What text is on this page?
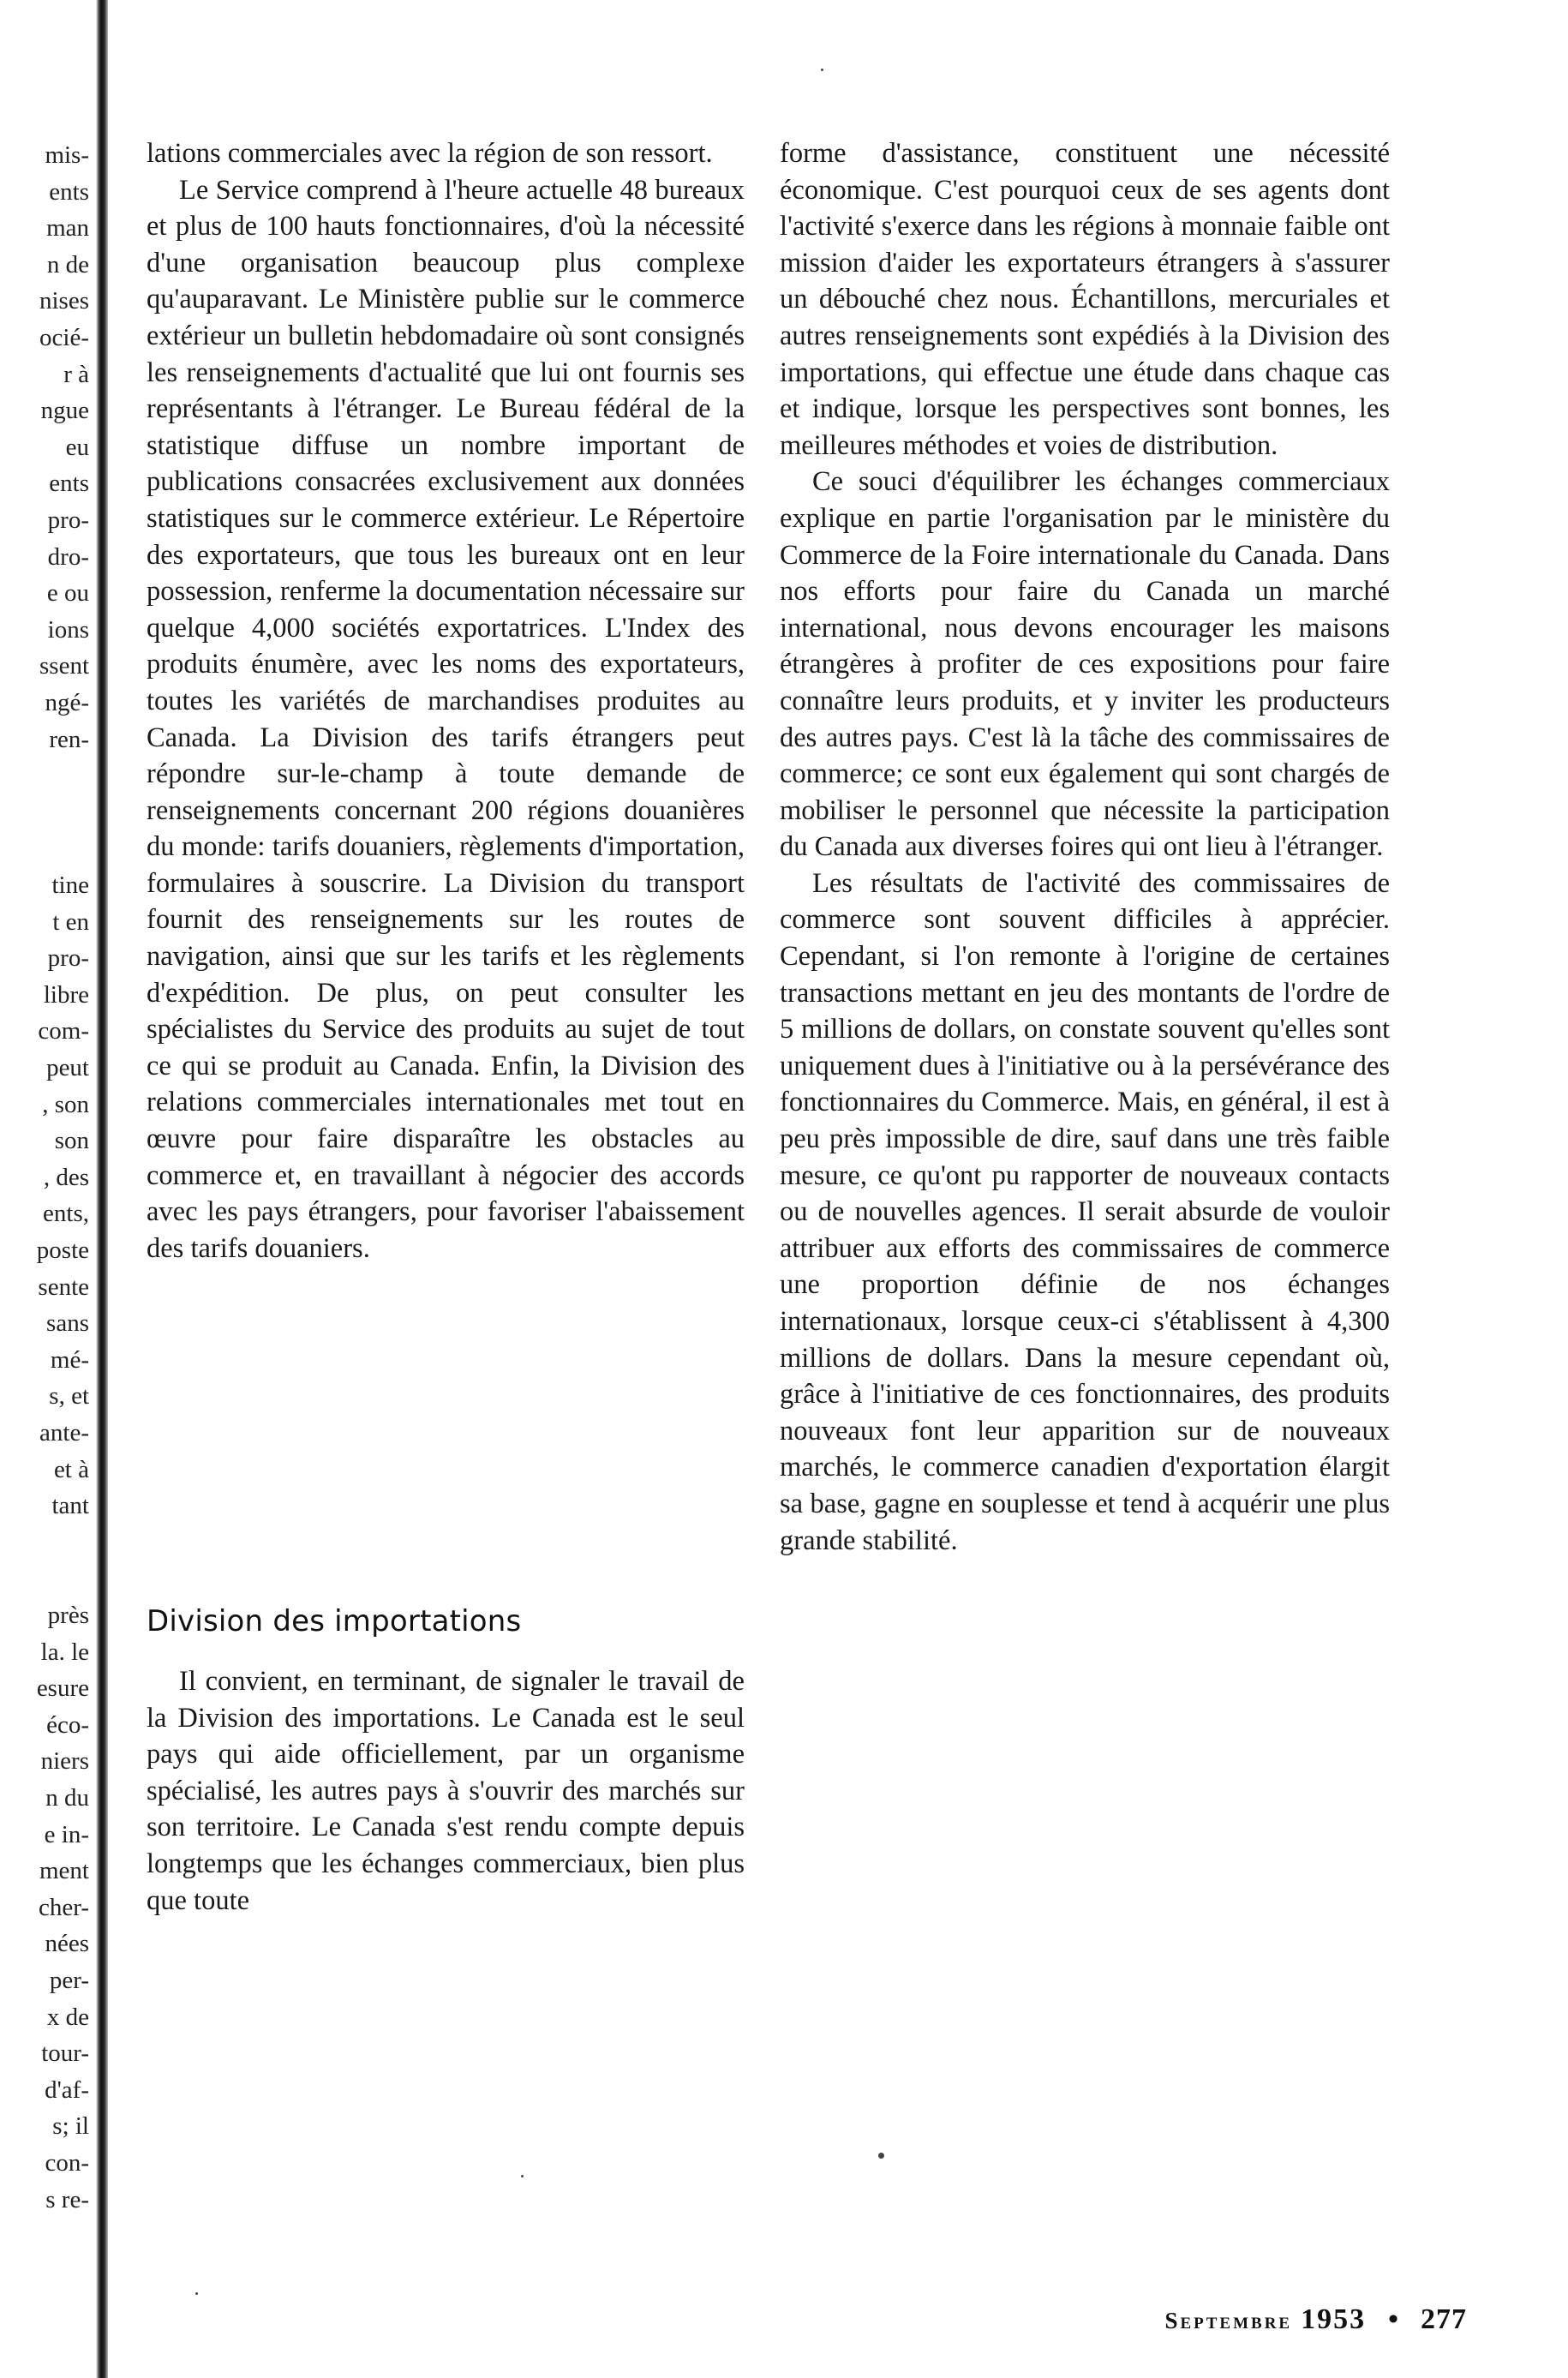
mis-
ents
man
n de
nises
ocié-
r à
ngue
eu
ents
pro-
dro-
e ou
ions
ssent
ngé-
ren-
tine
t en
pro-
libre
com-
peut
, son
son
, des
ents,
poste
sente
sans
mé-
s, et
ante-
et à
tant
près
la. le
esure
éco-
niers
n du
e in-
ment
cher-
nées
per-
x de
tour-
d'af-
s; il
con-
s re-

lations commerciales avec la région de son ressort.

Le Service comprend à l'heure actuelle 48 bureaux et plus de 100 hauts fonctionnaires, d'où la nécessité d'une organisation beaucoup plus complexe qu'auparavant. Le Ministère publie sur le commerce extérieur un bulletin hebdomadaire où sont consignés les renseignements d'actualité que lui ont fournis ses représentants à l'étranger. Le Bureau fédéral de la statistique diffuse un nombre important de publications consacrées exclusivement aux données statistiques sur le commerce extérieur. Le Répertoire des exportateurs, que tous les bureaux ont en leur possession, renferme la documentation nécessaire sur quelque 4,000 sociétés exportatrices. L'Index des produits énumère, avec les noms des exportateurs, toutes les variétés de marchandises produites au Canada. La Division des tarifs étrangers peut répondre sur-le-champ à toute demande de renseignements concernant 200 régions douanières du monde: tarifs douaniers, règlements d'importation, formulaires à souscrire. La Division du transport fournit des renseignements sur les routes de navigation, ainsi que sur les tarifs et les règlements d'expédition. De plus, on peut consulter les spécialistes du Service des produits au sujet de tout ce qui se produit au Canada. Enfin, la Division des relations commerciales internationales met tout en œuvre pour faire disparaître les obstacles au commerce et, en travaillant à négocier des accords avec les pays étrangers, pour favoriser l'abaissement des tarifs douaniers.

Division des importations

Il convient, en terminant, de signaler le travail de la Division des importations. Le Canada est le seul pays qui aide officiellement, par un organisme spécialisé, les autres pays à s'ouvrir des marchés sur son territoire. Le Canada s'est rendu compte depuis longtemps que les échanges commerciaux, bien plus que toute

forme d'assistance, constituent une nécessité économique. C'est pourquoi ceux de ses agents dont l'activité s'exerce dans les régions à monnaie faible ont mission d'aider les exportateurs étrangers à s'assurer un débouché chez nous. Échantillons, mercuriales et autres renseignements sont expédiés à la Division des importations, qui effectue une étude dans chaque cas et indique, lorsque les perspectives sont bonnes, les meilleures méthodes et voies de distribution.

Ce souci d'équilibrer les échanges commerciaux explique en partie l'organisation par le ministère du Commerce de la Foire internationale du Canada. Dans nos efforts pour faire du Canada un marché international, nous devons encourager les maisons étrangères à profiter de ces expositions pour faire connaître leurs produits, et y inviter les producteurs des autres pays. C'est là la tâche des commissaires de commerce; ce sont eux également qui sont chargés de mobiliser le personnel que nécessite la participation du Canada aux diverses foires qui ont lieu à l'étranger.

Les résultats de l'activité des commissaires de commerce sont souvent difficiles à apprécier. Cependant, si l'on remonte à l'origine de certaines transactions mettant en jeu des montants de l'ordre de 5 millions de dollars, on constate souvent qu'elles sont uniquement dues à l'initiative ou à la persévérance des fonctionnaires du Commerce. Mais, en général, il est à peu près impossible de dire, sauf dans une très faible mesure, ce qu'ont pu rapporter de nouveaux contacts ou de nouvelles agences. Il serait absurde de vouloir attribuer aux efforts des commissaires de commerce une proportion définie de nos échanges internationaux, lorsque ceux-ci s'établissent à 4,300 millions de dollars. Dans la mesure cependant où, grâce à l'initiative de ces fonctionnaires, des produits nouveaux font leur apparition sur de nouveaux marchés, le commerce canadien d'exportation élargit sa base, gagne en souplesse et tend à acquérir une plus grande stabilité.

Septembre 1953 • 277
